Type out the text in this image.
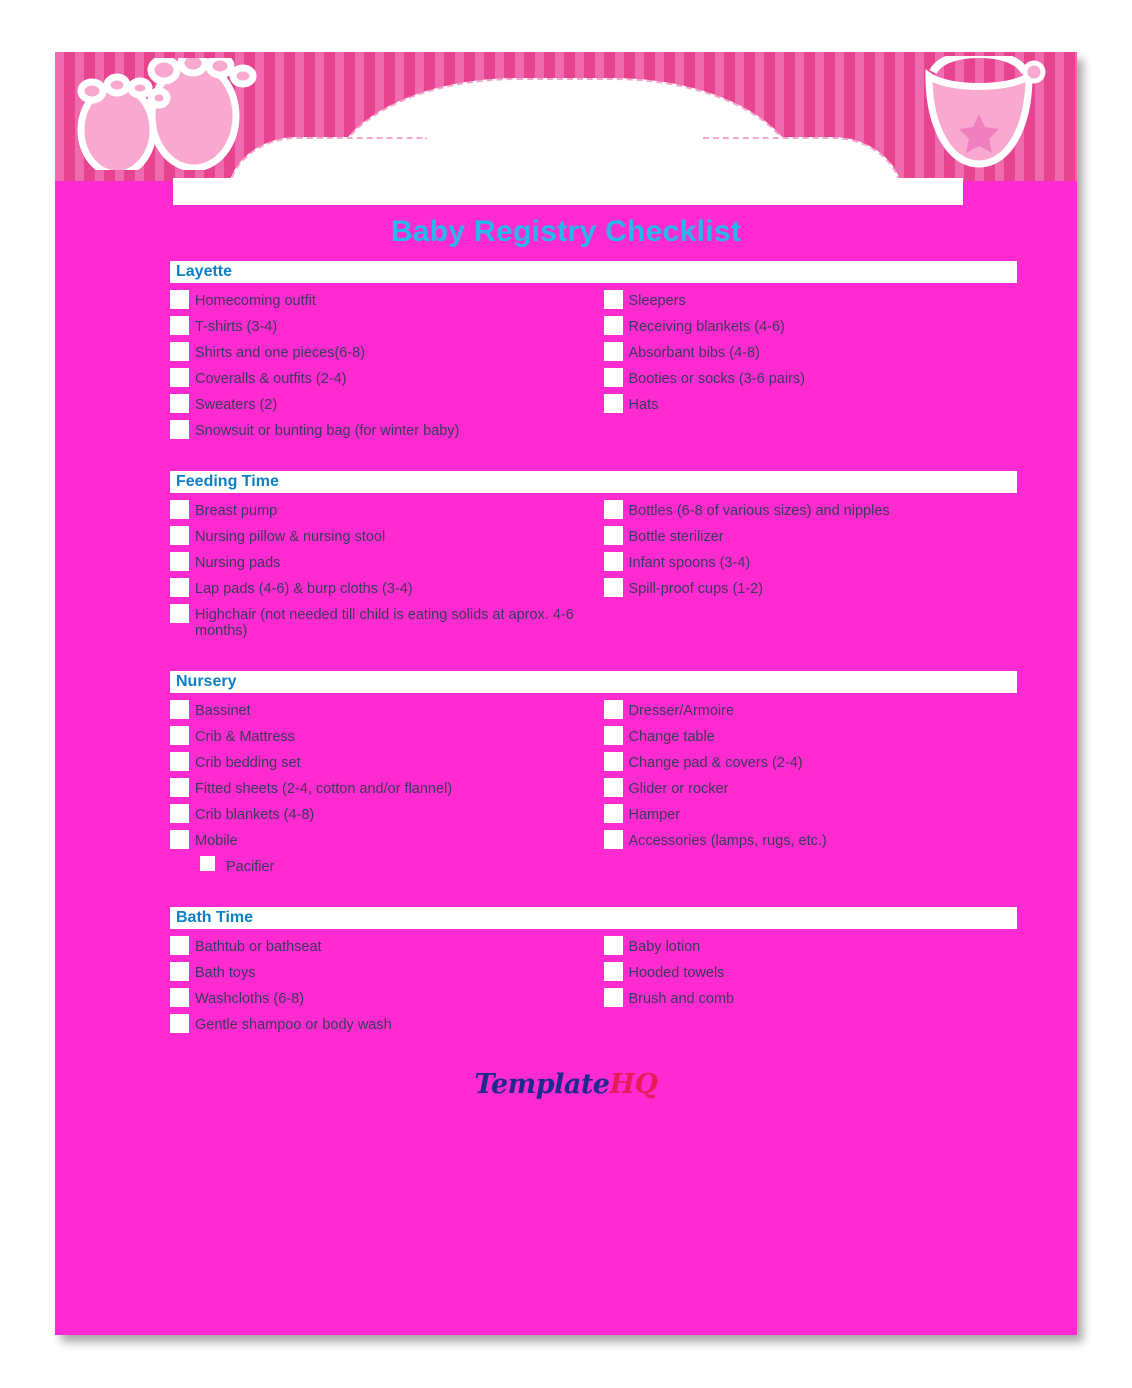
Baby Registry Checklist
Layette
Homecoming outfit
T-shirts (3-4)
Shirts and one pieces(6-8)
Coveralls & outfits (2-4)
Sweaters (2)
Snowsuit or bunting bag (for winter baby)
Sleepers
Receiving blankets (4-6)
Absorbant bibs (4-8)
Booties or socks (3-6 pairs)
Hats
Feeding Time
Breast pump
Nursing pillow & nursing stool
Nursing pads
Lap pads (4-6) & burp cloths (3-4)
Highchair (not needed till child is eating solids at aprox. 4-6 months)
Bottles (6-8 of various sizes) and nipples
Bottle sterilizer
Infant spoons (3-4)
Spill-proof cups (1-2)
Nursery
Bassinet
Crib & Mattress
Crib bedding set
Fitted sheets (2-4, cotton and/or flannel)
Crib blankets (4-8)
Mobile
Pacifier
Dresser/Armoire
Change table
Change pad & covers (2-4)
Glider or rocker
Hamper
Accessories (lamps, rugs, etc.)
Bath Time
Bathtub or bathseat
Bath toys
Washcloths (6-8)
Gentle shampoo or body wash
Baby lotion
Hooded towels
Brush and comb
TemplateHQ
